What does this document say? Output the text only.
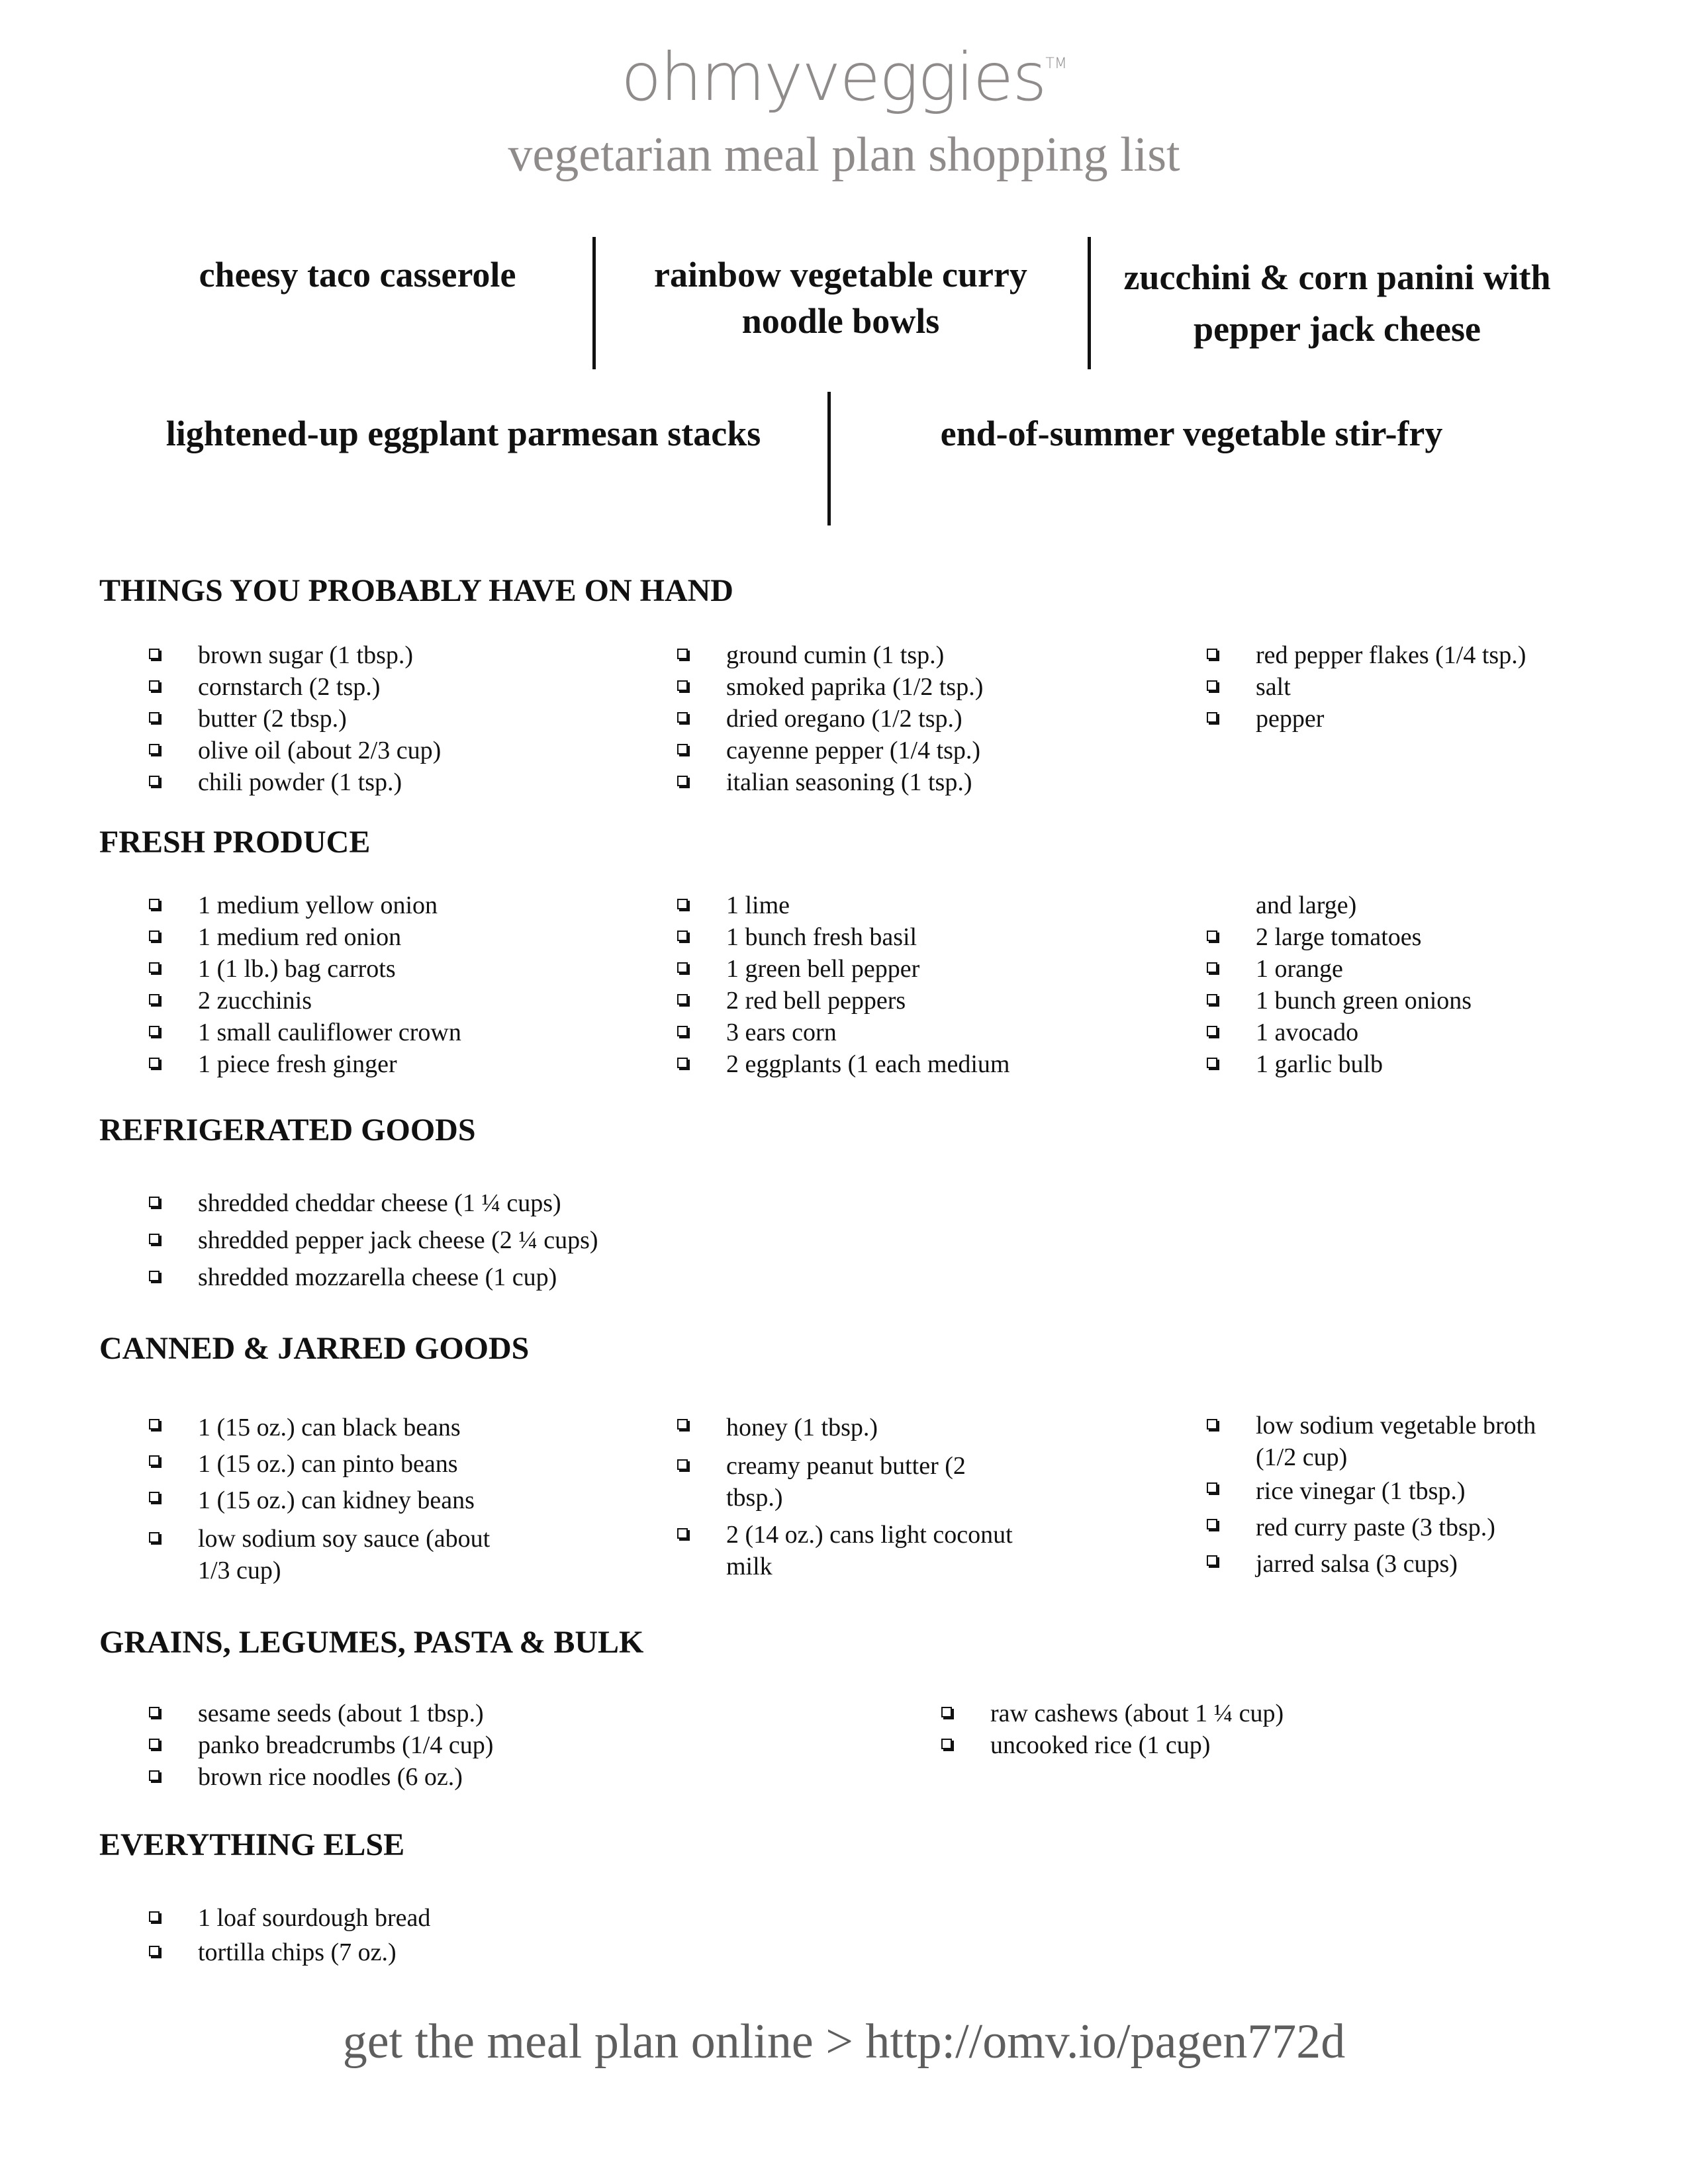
ohmyveggies™
vegetarian meal plan shopping list
cheesy taco casserole	rainbow vegetable curry noodle bowls
zucchini & corn panini with pepper jack cheese
lightened-up eggplant parmesan stacks	end-of-summer vegetable stir-fry
THINGS YOU PROBABLY HAVE ON HAND
brown sugar (1 tbsp.)
cornstarch (2 tsp.)
butter (2 tbsp.)
olive oil (about 2/3 cup)
chili powder (1 tsp.)
ground cumin (1 tsp.)
smoked paprika (1/2 tsp.)
dried oregano (1/2 tsp.)
cayenne pepper (1/4 tsp.)
italian seasoning (1 tsp.)
red pepper flakes (1/4 tsp.)
salt
pepper
FRESH PRODUCE
1 medium yellow onion
1 medium red onion
1 (1 lb.) bag carrots
2 zucchinis
1 small cauliflower crown
1 piece fresh ginger
1 lime
1 bunch fresh basil
1 green bell pepper
2 red bell peppers
3 ears corn
2 eggplants (1 each medium
and large)
2 large tomatoes
1 orange
1 bunch green onions
1 avocado
1 garlic bulb
REFRIGERATED GOODS
shredded cheddar cheese (1 ¼ cups)
shredded pepper jack cheese (2 ¼ cups)
shredded mozzarella cheese (1 cup)
CANNED & JARRED GOODS
1 (15 oz.) can black beans
1 (15 oz.) can pinto beans
1 (15 oz.) can kidney beans
low sodium soy sauce (about
1/3 cup)
honey (1 tbsp.)
creamy peanut butter (2
tbsp.)
2 (14 oz.) cans light coconut
milk
low sodium vegetable broth
(1/2 cup)
rice vinegar (1 tbsp.)
red curry paste (3 tbsp.)
jarred salsa (3 cups)
GRAINS, LEGUMES, PASTA & BULK
sesame seeds (about 1 tbsp.)
panko breadcrumbs (1/4 cup)
brown rice noodles (6 oz.)
raw cashews (about 1 ¼ cup)
uncooked rice (1 cup)
EVERYTHING ELSE
1 loaf sourdough bread
tortilla chips (7 oz.)
get the meal plan online > http://omv.io/pagen772d
